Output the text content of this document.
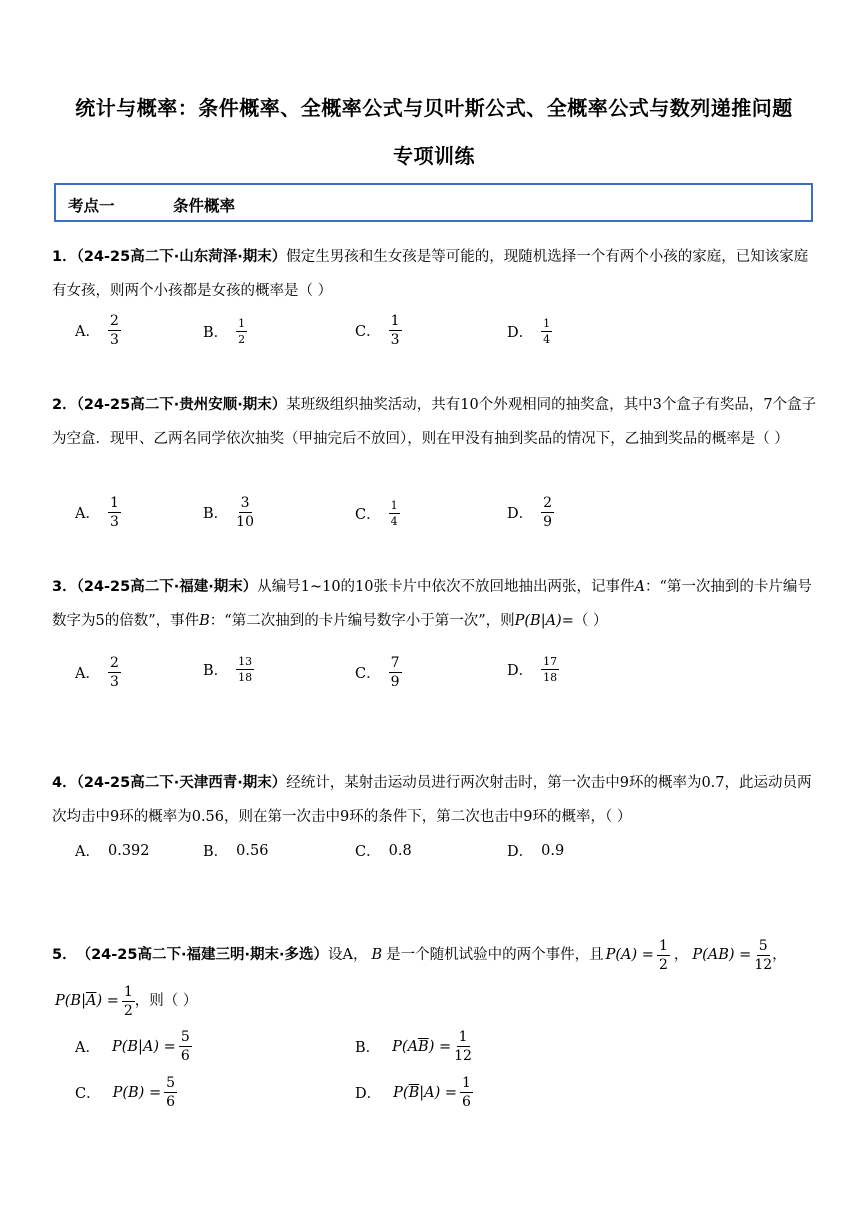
统计与概率：条件概率、全概率公式与贝叶斯公式、全概率公式与数列递推问题
专项训练
考点一	条件概率
1．（24-25高二下·山东菏泽·期末）假定生男孩和生女孩是等可能的，现随机选择一个有两个小孩的家庭，已知该家庭有女孩，则两个小孩都是女孩的概率是（ ）
A． $\frac{2}{3}$	B． $\frac{1}{2}$	C． $\frac{1}{3}$	D． $\frac{1}{4}$
2．（24-25高二下·贵州安顺·期末）某班级组织抽奖活动，共有10个外观相同的抽奖盒，其中3个盒子有奖品，7个盒子为空盒．现甲、乙两名同学依次抽奖（甲抽完后不放回），则在甲没有抽到奖品的情况下，乙抽到奖品的概率是（ ）
A． $\frac{1}{3}$	B． $\frac{3}{10}$	C． $\frac{1}{4}$	D． $\frac{2}{9}$
3．（24-25高二下·福建·期末）从编号1~10的10张卡片中依次不放回地抽出两张，记事件A：“第一次抽到的卡片编号数字为5的倍数”，事件B：“第二次抽到的卡片编号数字小于第一次”，则P(B|A)=（ ）
A． $\frac{2}{3}$	B． $\frac{13}{18}$	C． $\frac{7}{9}$	D． $\frac{17}{18}$
4．（24-25高二下·天津西青·期末）经统计，某射击运动员进行两次射击时，第一次击中9环的概率为0.7，此运动员两次均击中9环的概率为0.56，则在第一次击中9环的条件下，第二次也击中9环的概率，（ ）
A． 0.392	B． 0.56	C． 0.8	D． 0.9
5． （24-25高二下·福建三明·期末·多选） 设A， B 是一个随机试验中的两个事件，且 $P(A) = \frac{1}{2}$ ， $P(AB) = \frac{5}{12}$ ，
P(B| $\overline{A}$ ) = $\frac{1}{2}$ ，则（ ）
A． $P(B|A) = \frac{5}{6}$	B． P(A $\overline{B}$ ) = $\frac{1}{12}$
C． $P(B) = \frac{5}{6}$	D． P( $\overline{B}$ $|A) = \frac{1}{6}$
